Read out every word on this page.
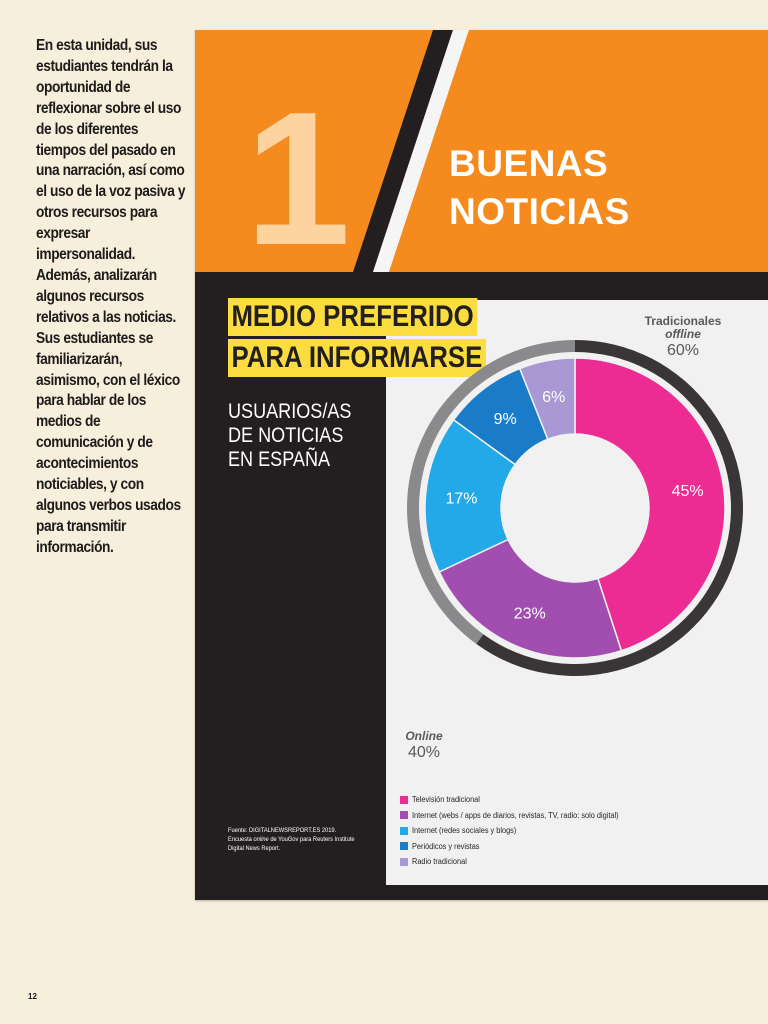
En esta unidad, sus estudiantes tendrán la oportunidad de reflexionar sobre el uso de los diferentes tiempos del pasado en una narración, así como el uso de la voz pasiva y otros recursos para expresar impersonalidad. Además, analizarán algunos recursos relativos a las noticias. Sus estudiantes se familiarizarán, asimismo, con el léxico para hablar de los medios de comunicación y de acontecimientos noticiables, y con algunos verbos usados para transmitir información.
12
1	BUENAS
NOTICIAS
MEDIO PREFERIDO
PARA INFORMARSE
USUARIOS/AS
DE NOTICIAS
EN ESPAÑA
45%
23%
17%
9%
6%
Tradicionales
offline
60%
Online
40%
Televisión tradicional
Internet (webs / apps de diarios, revistas, TV, radio: solo digital)
Internet (redes sociales y blogs)
Periódicos y revistas
Radio tradicional
Fuente: DIGITALNEWSREPORT.ES 2019.
Encuesta online de YouGov para Reuters Institute Digital News Report.
